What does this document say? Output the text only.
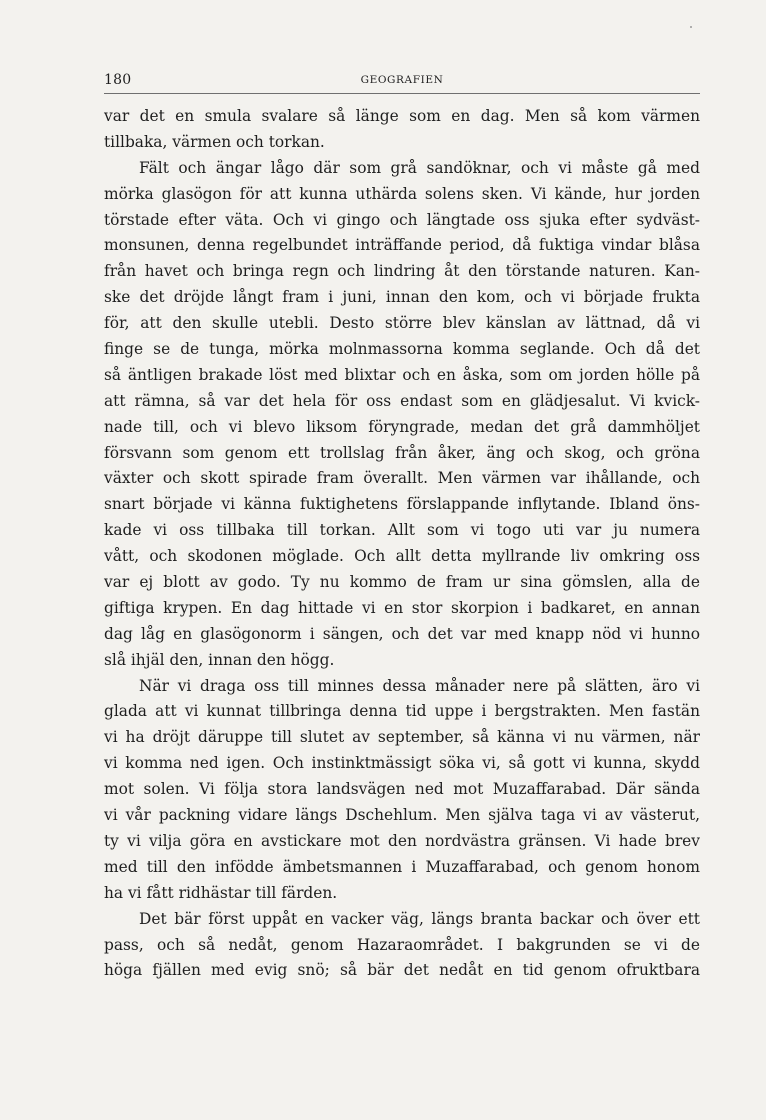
180	GEOGRAFIEN
var det en smula svalare så länge som en dag. Men så kom värmen
tillbaka, värmen och torkan.
Fält och ängar lågo där som grå sandöknar, och vi måste gå med
mörka glasögon för att kunna uthärda solens sken. Vi kände, hur jorden
törstade efter väta. Och vi gingo och längtade oss sjuka efter sydväst-
monsunen, denna regelbundet inträffande period, då fuktiga vindar blåsa
från havet och bringa regn och lindring åt den törstande naturen. Kan-
ske det dröjde långt fram i juni, innan den kom, och vi började frukta
för, att den skulle utebli. Desto större blev känslan av lättnad, då vi
finge se de tunga, mörka molnmassorna komma seglande. Och då det
så äntligen brakade löst med blixtar och en åska, som om jorden hölle på
att rämna, så var det hela för oss endast som en glädjesalut. Vi kvick-
nade till, och vi blevo liksom föryngrade, medan det grå dammhöljet
försvann som genom ett trollslag från åker, äng och skog, och gröna
växter och skott spirade fram överallt. Men värmen var ihållande, och
snart började vi känna fuktighetens förslappande inflytande. Ibland öns-
kade vi oss tillbaka till torkan. Allt som vi togo uti var ju numera
vått, och skodonen möglade. Och allt detta myllrande liv omkring oss
var ej blott av godo. Ty nu kommo de fram ur sina gömslen, alla de
giftiga krypen. En dag hittade vi en stor skorpion i badkaret, en annan
dag låg en glasögonorm i sängen, och det var med knapp nöd vi hunno
slå ihjäl den, innan den högg.
När vi draga oss till minnes dessa månader nere på slätten, äro vi
glada att vi kunnat tillbringa denna tid uppe i bergstrakten. Men fastän
vi ha dröjt däruppe till slutet av september, så känna vi nu värmen, när
vi komma ned igen. Och instinktmässigt söka vi, så gott vi kunna, skydd
mot solen. Vi följa stora landsvägen ned mot Muzaffarabad. Där sända
vi vår packning vidare längs Dschehlum. Men själva taga vi av västerut,
ty vi vilja göra en avstickare mot den nordvästra gränsen. Vi hade brev
med till den infödde ämbetsmannen i Muzaffarabad, och genom honom
ha vi fått ridhästar till färden.
Det bär först uppåt en vacker väg, längs branta backar och över ett
pass, och så nedåt, genom Hazaraområdet. I bakgrunden se vi de
höga fjällen med evig snö; så bär det nedåt en tid genom ofruktbara
